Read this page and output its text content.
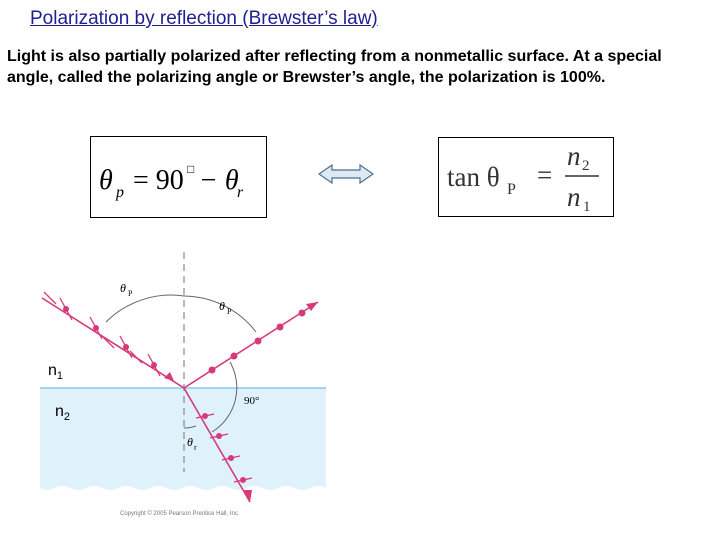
Polarization by reflection (Brewster’s law)
Light is also partially polarized after reflecting from a nonmetallic surface. At a special angle, called the polarizing angle or Brewster’s angle, the polarization is 100%.
θ p = 90 □ − θ
r
tan θ P =
n 2
n 1
θ P
θ P
90°
θ r
$n_1$
$n_2$
Copyright © 2005 Pearson Prentice Hall, Inc.
